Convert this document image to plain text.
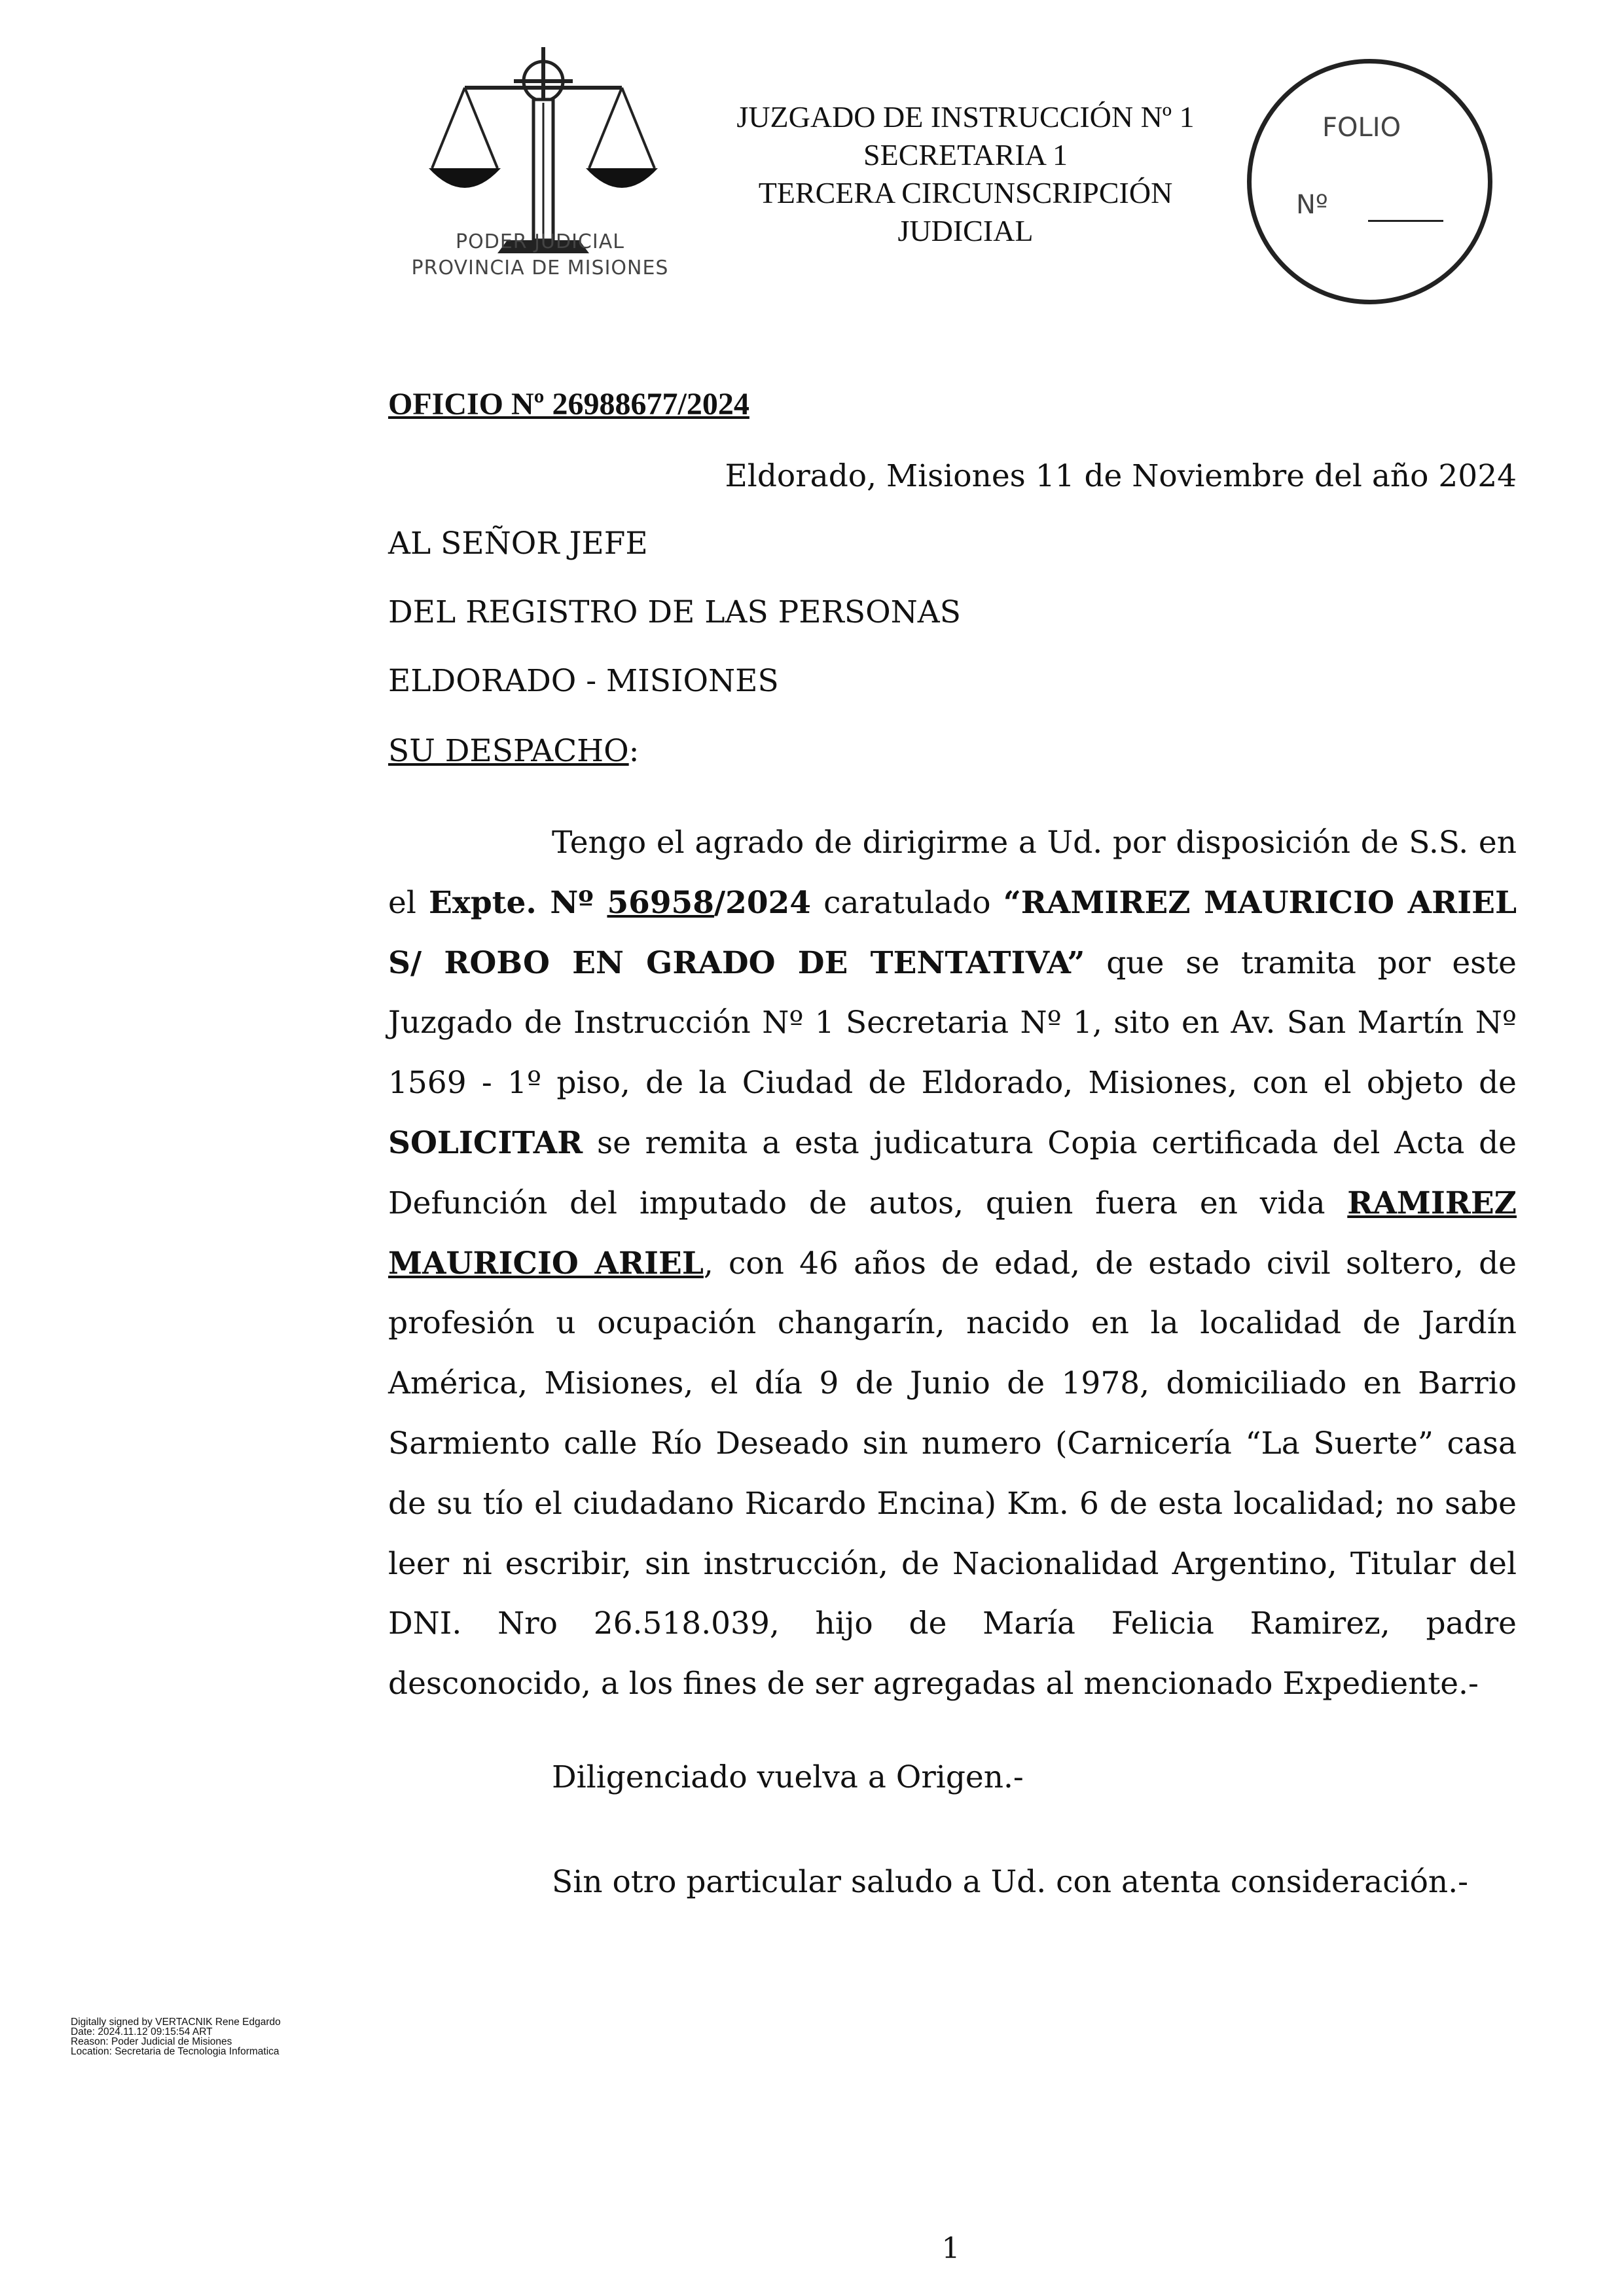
PODER JUDICIAL
PROVINCIA DE MISIONES
JUZGADO DE INSTRUCCIÓN Nº 1
SECRETARIA 1
TERCERA CIRCUNSCRIPCIÓN
JUDICIAL
FOLIO
Nº
OFICIO Nº 26988677/2024
Eldorado, Misiones 11 de Noviembre del año 2024
AL SEÑOR JEFE
DEL REGISTRO DE LAS PERSONAS
ELDORADO - MISIONES
SU DESPACHO:

Tengo el agrado de dirigirme a Ud. por disposición de S.S. en el Expte. Nº 56958/2024 caratulado “RAMIREZ MAURICIO ARIEL S/ ROBO EN GRADO DE TENTATIVA” que se tramita por este Juzgado de Instrucción Nº 1 Secretaria Nº 1, sito en Av. San Martín Nº 1569 - 1º piso, de la Ciudad de Eldorado, Misiones, con el objeto de SOLICITAR se remita a esta judicatura Copia certificada del Acta de Defunción del imputado de autos, quien fuera en vida RAMIREZ MAURICIO ARIEL, con 46 años de edad, de estado civil soltero, de profesión u ocupación changarín, nacido en la localidad de Jardín América, Misiones, el día 9 de Junio de 1978, domiciliado en Barrio Sarmiento calle Río Deseado sin numero (Carnicería “La Suerte” casa de su tío el ciudadano Ricardo Encina) Km. 6 de esta localidad; no sabe leer ni escribir, sin instrucción, de Nacionalidad Argentino, Titular del DNI. Nro 26.518.039, hijo de María Felicia Ramirez, padre desconocido, a los fines de ser agregadas al mencionado Expediente.-

Diligenciado vuelva a Origen.-
Sin otro particular saludo a Ud. con atenta consideración.-
Digitally signed by VERTACNIK Rene Edgardo
Date: 2024.11.12 09:15:54 ART
Reason: Poder Judicial de Misiones
Location: Secretaria de Tecnologia Informatica
1
